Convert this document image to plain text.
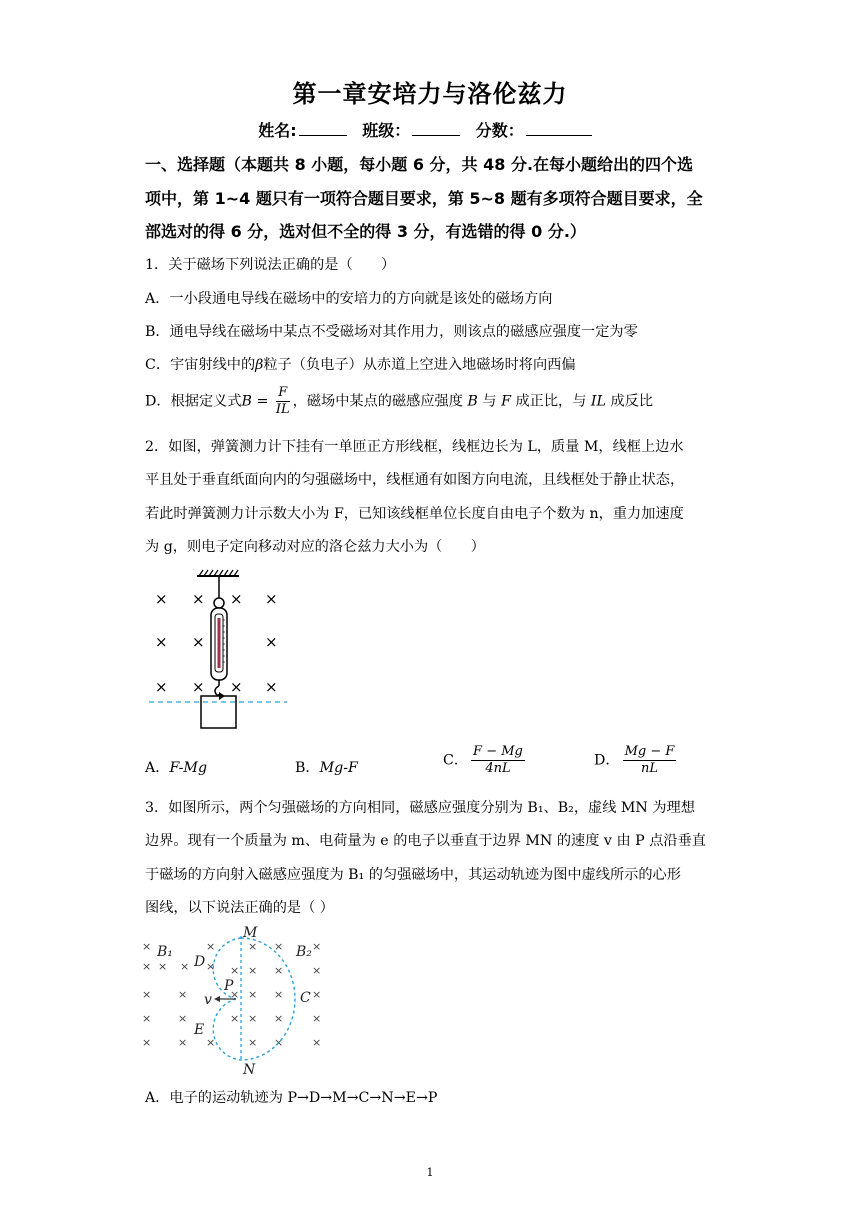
第一章安培力与洛伦兹力
姓名:	班级：	分数：
一、选择题（本题共 8 小题，每小题 6 分，共 48 分.在每小题给出的四个选
项中，第 1~4 题只有一项符合题目要求，第 5~8 题有多项符合题目要求，全
部选对的得 6 分，选对但不全的得 3 分，有选错的得 0 分.）
1．关于磁场下列说法正确的是（　　）
A．一小段通电导线在磁场中的安培力的方向就是该处的磁场方向
B．通电导线在磁场中某点不受磁场对其作用力，则该点的磁感应强度一定为零
C．宇宙射线中的β粒子（负电子）从赤道上空进入地磁场时将向西偏
D．根据定义式$B = \frac{F}{IL}$ ，磁场中某点的磁感应强度 B 与 F 成正比，与 IL 成反比
2．如图，弹簧测力计下挂有一单匝正方形线框，线框边长为 L，质量 M，线框上边水
平且处于垂直纸面向内的匀强磁场中，线框通有如图方向电流，且线框处于静止状态，
若此时弹簧测力计示数大小为 F，已知该线框单位长度自由电子个数为 n，重力加速度
为 g，则电子定向移动对应的洛仑兹力大小为（　　）
× × × ×
× ×	×
× × × ×
A．F-Mg	B．Mg-F	C． $\frac{F - Mg}{4nL}$	D． $\frac{Mg - F}{nL}$
3．如图所示，两个匀强磁场的方向相同，磁感应强度分别为 B₁、B₂，虚线 MN 为理想
边界。现有一个质量为 m、电荷量为 e 的电子以垂直于边界 MN 的速度 v 由 P 点沿垂直
于磁场的方向射入磁感应强度为 B₁ 的匀强磁场中，其运动轨迹为图中虚线所示的心形
图线，以下说法正确的是（ ）
×
× ×
×
×
×
×
×
×
×
×
× ×
×
×
×
×
×
×
×
×
×
×
×
×
×
×
×
×
×
×
M
N
P
D
E
C
v
B₁	B₂
A．电子的运动轨迹为 P→D→M→C→N→E→P
1
